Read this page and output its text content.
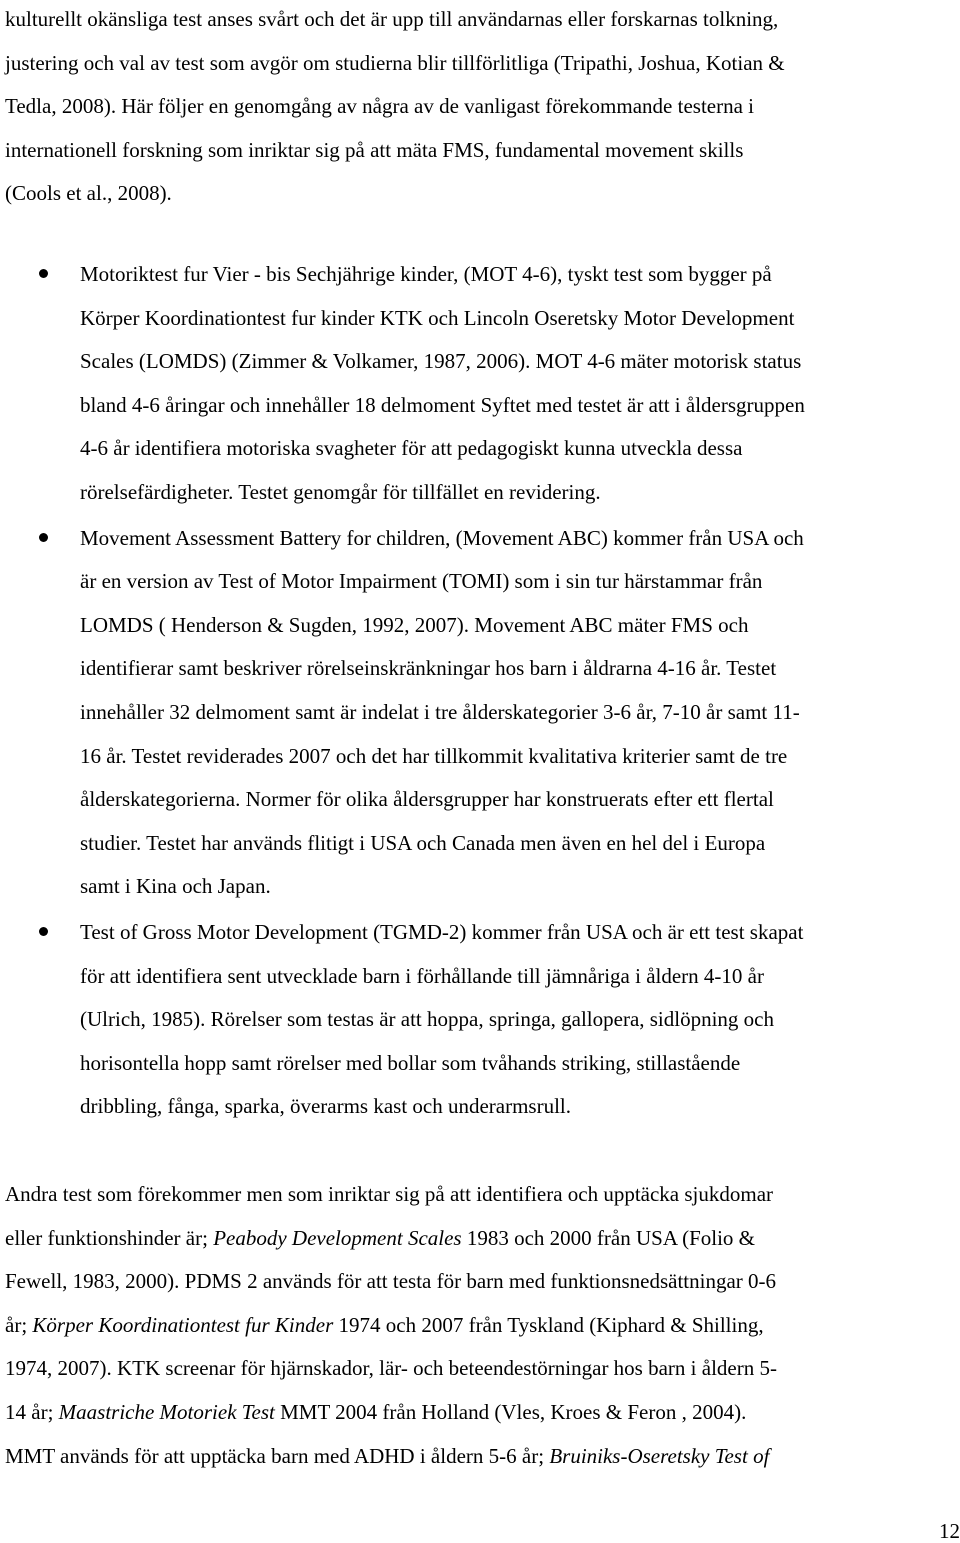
kulturellt okänsliga test anses svårt och det är upp till användarnas eller forskarnas tolkning,
justering och val av test som avgör om studierna blir tillförlitliga (Tripathi, Joshua, Kotian &
Tedla, 2008). Här följer en genomgång av några av de vanligast förekommande testerna i
internationell forskning som inriktar sig på att mäta FMS, fundamental movement skills
(Cools et al., 2008).

Motoriktest fur Vier - bis Sechjährige kinder, (MOT 4-6), tyskt test som bygger på
Körper Koordinationtest fur kinder KTK och Lincoln Oseretsky Motor Development
Scales (LOMDS) (Zimmer & Volkamer, 1987, 2006). MOT 4-6 mäter motorisk status
bland 4-6 åringar och innehåller 18 delmoment Syftet med testet är att i åldersgruppen
4-6 år identifiera motoriska svagheter för att pedagogiskt kunna utveckla dessa
rörelsefärdigheter. Testet genomgår för tillfället en revidering.

Movement Assessment Battery for children, (Movement ABC) kommer från USA och
är en version av Test of Motor Impairment (TOMI) som i sin tur härstammar från
LOMDS ( Henderson & Sugden, 1992, 2007). Movement ABC mäter FMS och
identifierar samt beskriver rörelseinskränkningar hos barn i åldrarna 4-16 år. Testet
innehåller 32 delmoment samt är indelat i tre ålderskategorier 3-6 år, 7-10 år samt 11-
16 år. Testet reviderades 2007 och det har tillkommit kvalitativa kriterier samt de tre
ålderskategorierna. Normer för olika åldersgrupper har konstruerats efter ett flertal
studier. Testet har används flitigt i USA och Canada men även en hel del i Europa
samt i Kina och Japan.

Test of Gross Motor Development (TGMD-2) kommer från USA och är ett test skapat
för att identifiera sent utvecklade barn i förhållande till jämnåriga i åldern 4-10 år
(Ulrich, 1985). Rörelser som testas är att hoppa, springa, gallopera, sidlöpning och
horisontella hopp samt rörelser med bollar som tvåhands striking, stillastående
dribbling, fånga, sparka, överarms kast och underarmsrull.

Andra test som förekommer men som inriktar sig på att identifiera och upptäcka sjukdomar
eller funktionshinder är; Peabody Development Scales 1983 och 2000 från USA (Folio &
Fewell, 1983, 2000). PDMS 2 används för att testa för barn med funktionsnedsättningar 0-6
år; Körper Koordinationtest fur Kinder 1974 och 2007 från Tyskland (Kiphard & Shilling,
1974, 2007). KTK screenar för hjärnskador, lär- och beteendestörningar hos barn i åldern 5-
14 år; Maastriche Motoriek Test MMT 2004 från Holland (Vles, Kroes & Feron , 2004).
MMT används för att upptäcka barn med ADHD i åldern 5-6 år; Bruiniks-Oseretsky Test of

12
